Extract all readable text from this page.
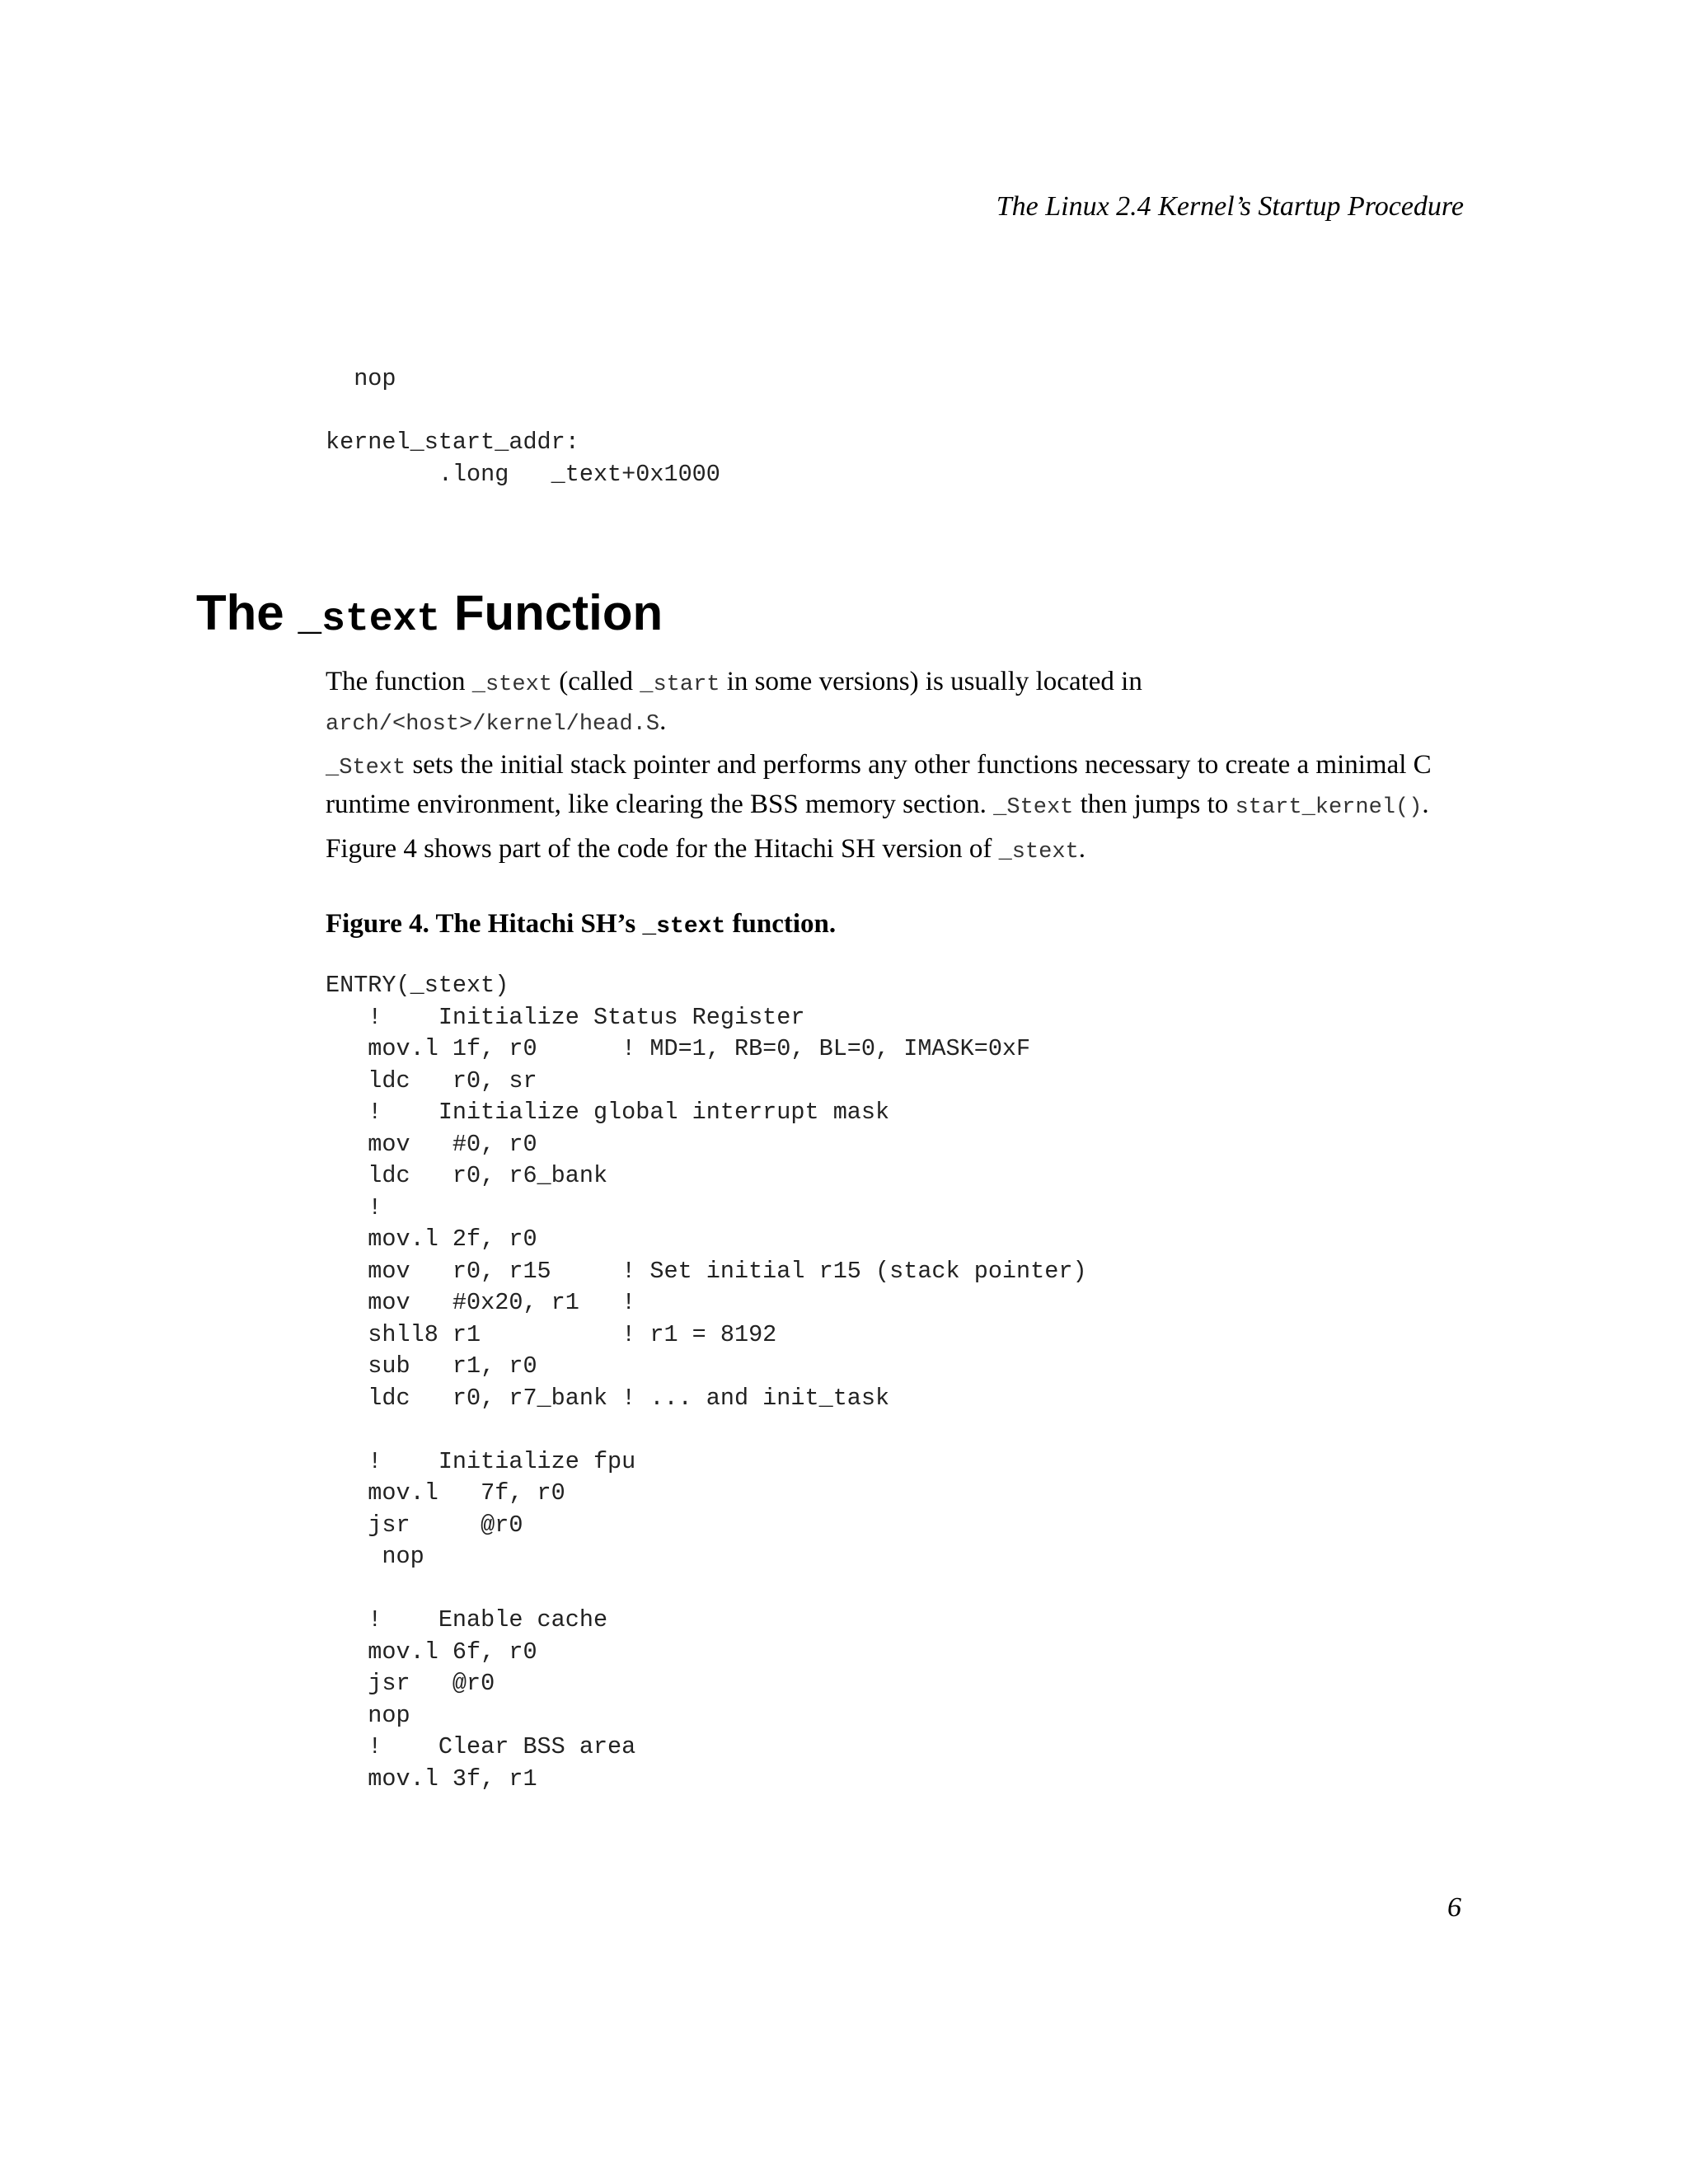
The Linux 2.4 Kernel’s Startup Procedure
nop

kernel_start_addr:
.long   _text+0x1000
The _stext Function

The function _stext (called _start in some versions) is usually located in
arch/<host>/kernel/head.S.

_Stext sets the initial stack pointer and performs any other functions necessary to create a minimal C runtime environment, like clearing the BSS memory section. _Stext then jumps to start_kernel().

Figure 4 shows part of the code for the Hitachi SH version of _stext.

Figure 4. The Hitachi SH’s _stext function.

ENTRY(_stext)
!    Initialize Status Register
mov.l 1f, r0      ! MD=1, RB=0, BL=0, IMASK=0xF
ldc   r0, sr
!    Initialize global interrupt mask
mov   #0, r0
ldc   r0, r6_bank
!
mov.l 2f, r0
mov   r0, r15     ! Set initial r15 (stack pointer)
mov   #0x20, r1   !
shll8 r1          ! r1 = 8192
sub   r1, r0
ldc   r0, r7_bank ! ... and init_task

!    Initialize fpu
mov.l   7f, r0
jsr     @r0
nop

!    Enable cache
mov.l 6f, r0
jsr   @r0
nop
!    Clear BSS area
mov.l 3f, r1
6
